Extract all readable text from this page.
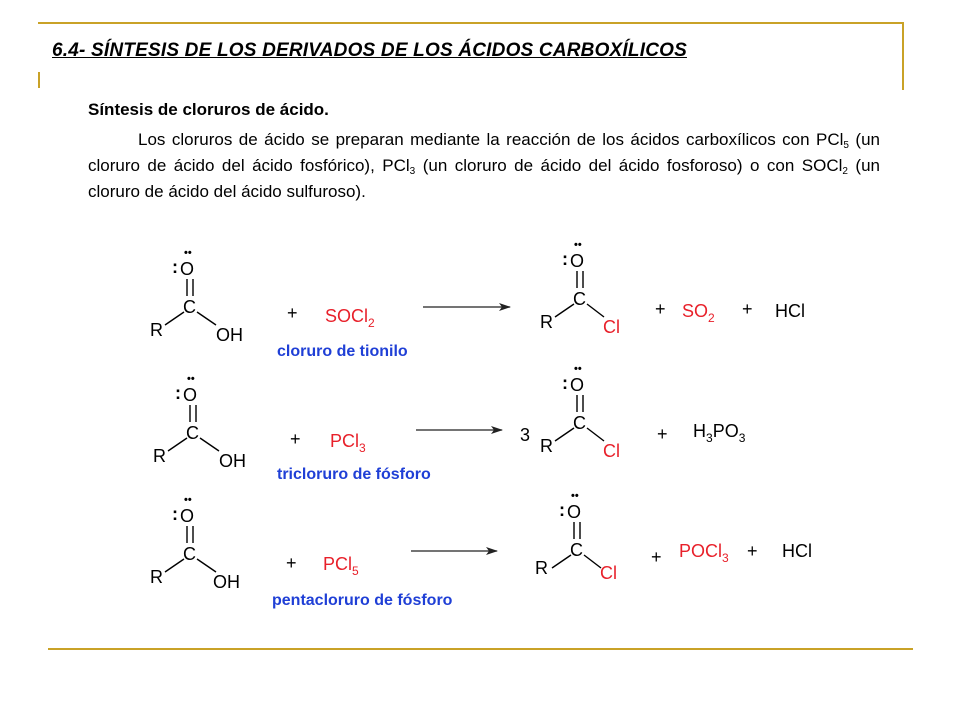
6.4- SÍNTESIS DE LOS DERIVADOS DE LOS ÁCIDOS CARBOXÍLICOS
Síntesis de cloruros de ácido.
Los cloruros de ácido se preparan mediante la reacción de los ácidos carboxílicos con PCl$_5$ (un cloruro de ácido del ácido fosfórico), PCl$_3$ (un cloruro de ácido del ácido fosforoso) o con SOCl$_2$ (un cloruro de ácido del ácido sulfuroso).
••
: O
C
R	OH
+ SOCl$_2$
cloruro de tionilo
••
: O
C
R	Cl
+ $SO_2$ + HCl
••
: O
C
R	OH
+ PCl$_3$
tricloruro de fósforo
3
••
: O
C
R	Cl
+ $H_3PO_3$
••
: O
C
R	OH
+ PCl$_5$
pentacloruro de fósforo
••
: O
C
R	Cl
+ POCl$_3$ + HCl
